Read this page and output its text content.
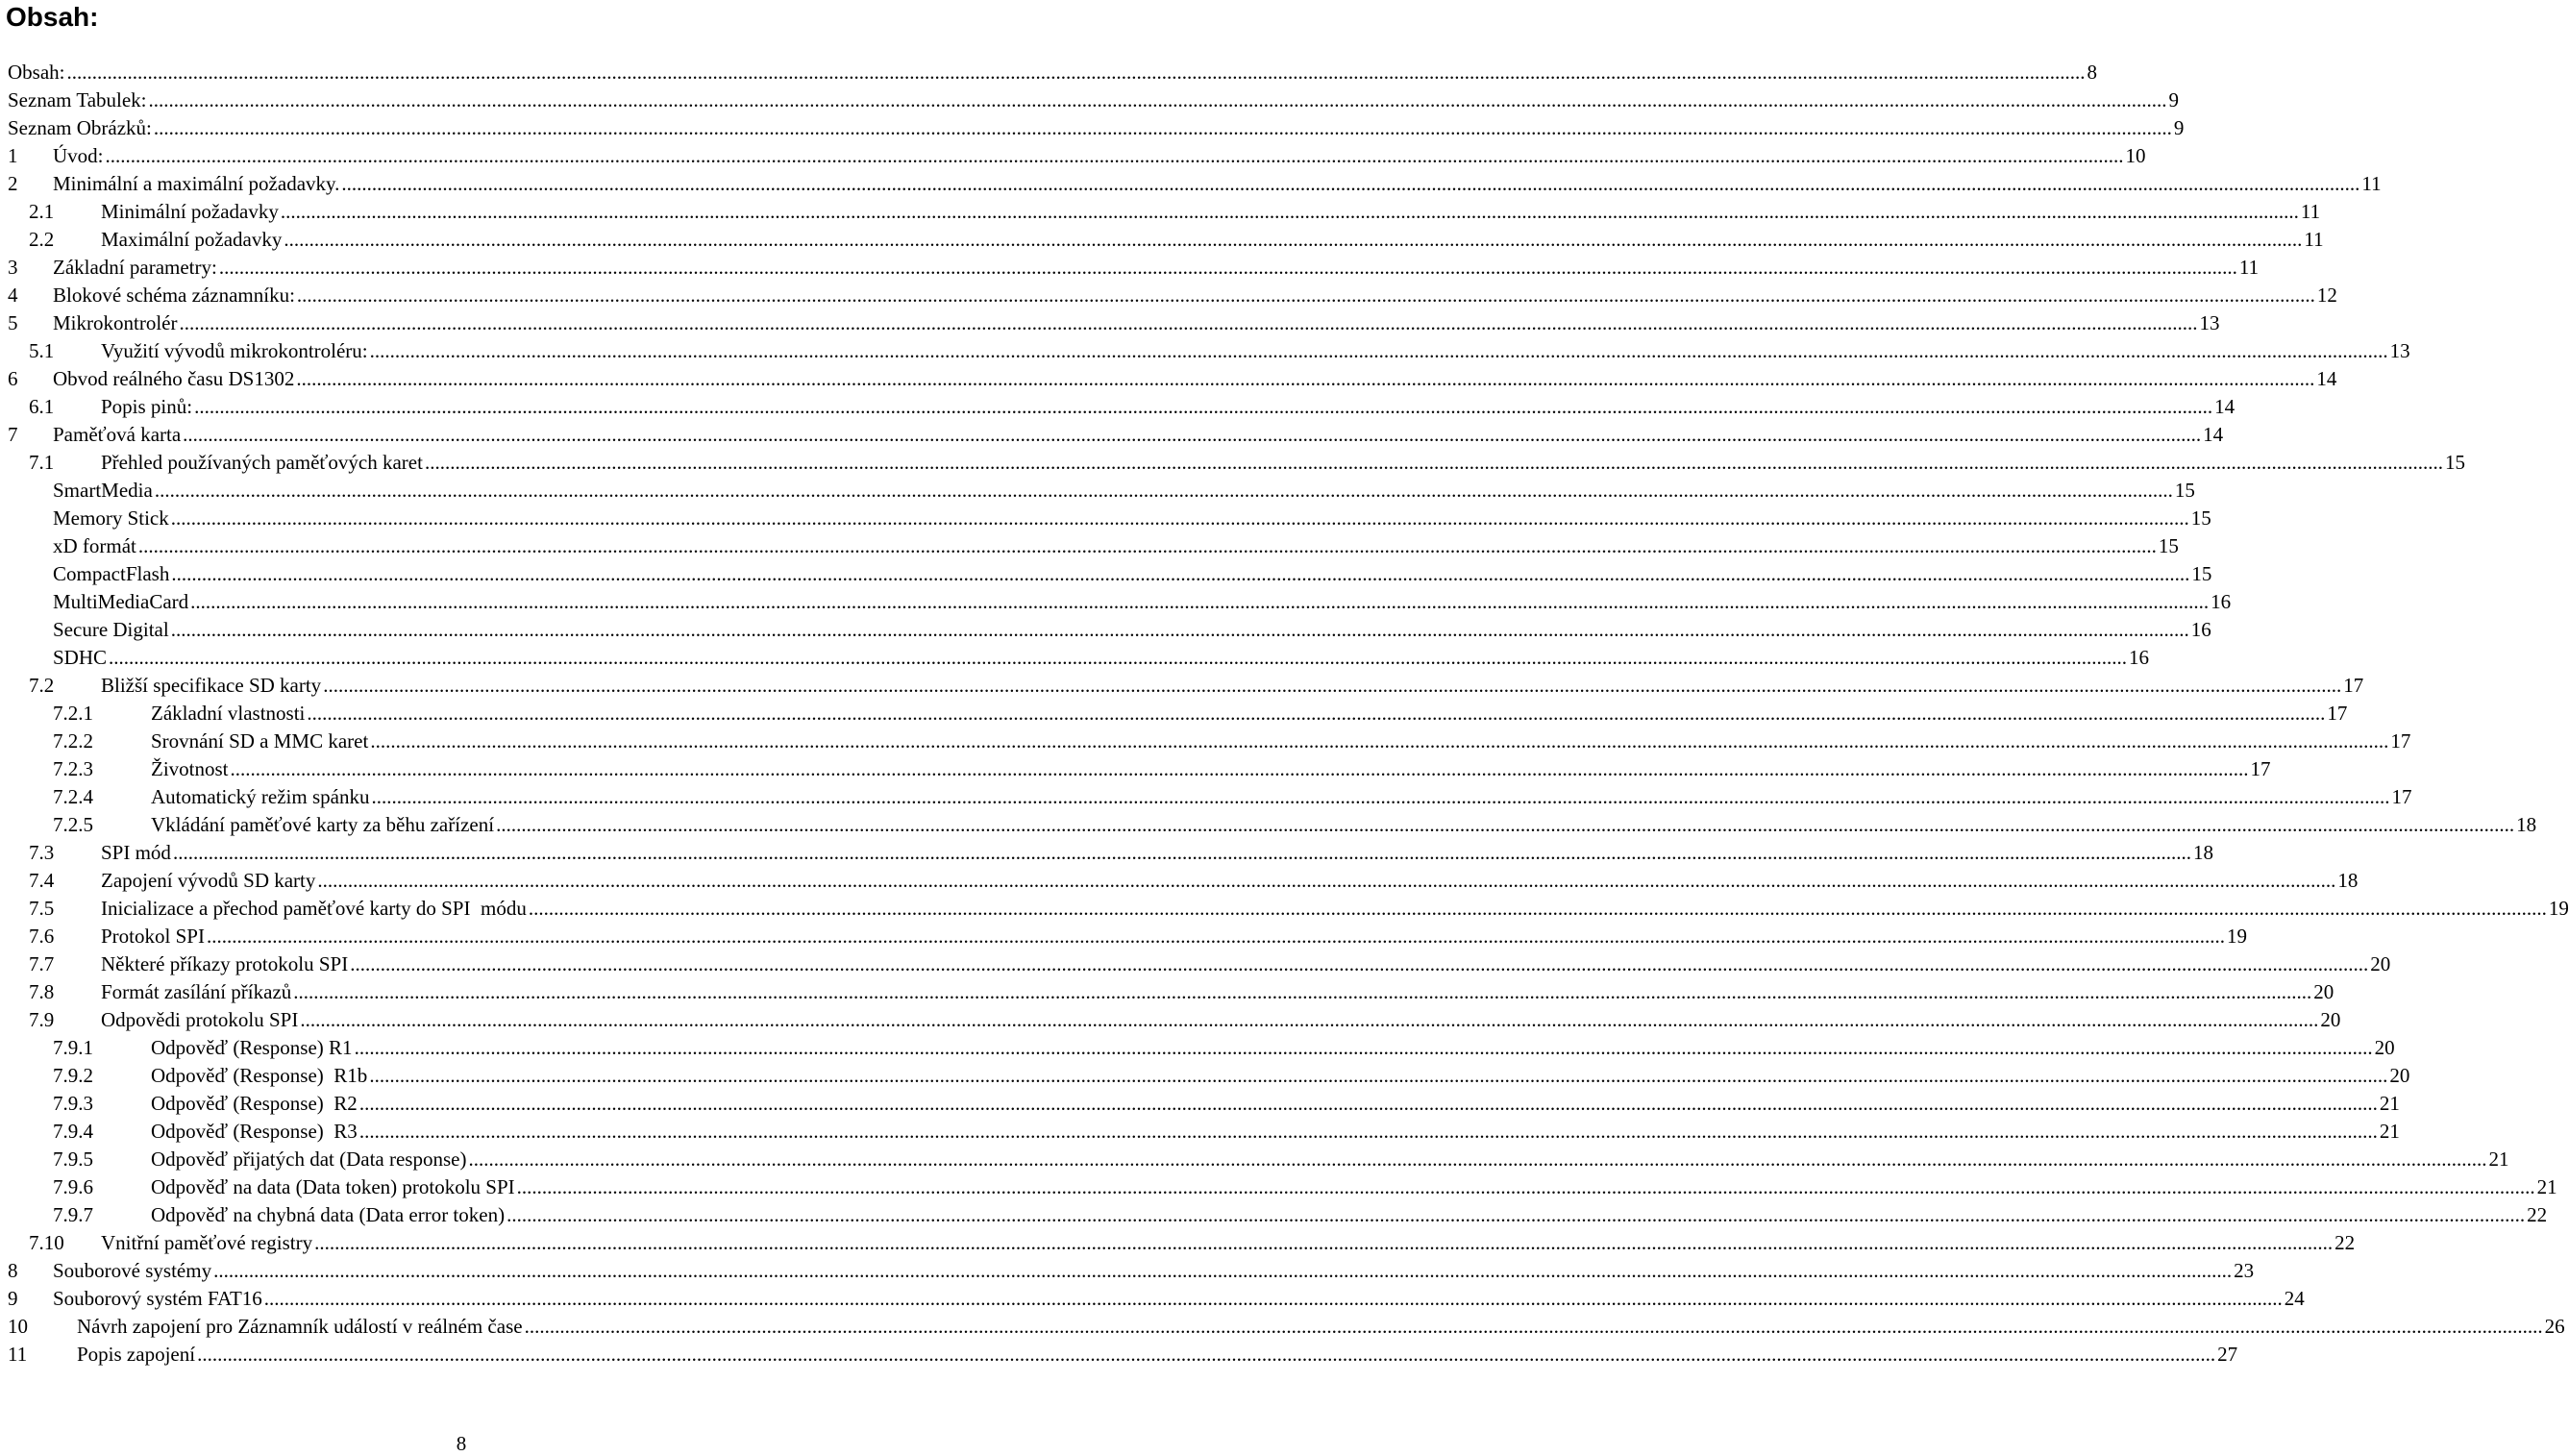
Obsah:
Obsah: ................................................................................................................................................................................................................................................................................................................................................................................................................ 8
Seznam Tabulek: ................................................................................................................................................................................................................................................................................................................................................................................................................ 9
Seznam Obrázků: ................................................................................................................................................................................................................................................................................................................................................................................................................ 9
1	Úvod: ................................................................................................................................................................................................................................................................................................................................................................................................................ 10
2	Minimální a maximální požadavky. ................................................................................................................................................................................................................................................................................................................................................................................................................ 11
2.1	Minimální požadavky ................................................................................................................................................................................................................................................................................................................................................................................................................ 11
2.2	Maximální požadavky ................................................................................................................................................................................................................................................................................................................................................................................................................ 11
3	Základní parametry: ................................................................................................................................................................................................................................................................................................................................................................................................................ 11
4	Blokové schéma záznamníku: ................................................................................................................................................................................................................................................................................................................................................................................................................ 12
5	Mikrokontrolér ................................................................................................................................................................................................................................................................................................................................................................................................................ 13
5.1	Využití vývodů mikrokontroléru: ................................................................................................................................................................................................................................................................................................................................................................................................................ 13
6	Obvod reálného času DS1302 ................................................................................................................................................................................................................................................................................................................................................................................................................ 14
6.1	Popis pinů: ................................................................................................................................................................................................................................................................................................................................................................................................................ 14
7	Paměťová karta ................................................................................................................................................................................................................................................................................................................................................................................................................ 14
7.1	Přehled používaných paměťových karet ................................................................................................................................................................................................................................................................................................................................................................................................................ 15
SmartMedia ................................................................................................................................................................................................................................................................................................................................................................................................................ 15
Memory Stick ................................................................................................................................................................................................................................................................................................................................................................................................................ 15
xD formát ................................................................................................................................................................................................................................................................................................................................................................................................................ 15
CompactFlash ................................................................................................................................................................................................................................................................................................................................................................................................................ 15
MultiMediaCard ................................................................................................................................................................................................................................................................................................................................................................................................................ 16
Secure Digital ................................................................................................................................................................................................................................................................................................................................................................................................................ 16
SDHC ................................................................................................................................................................................................................................................................................................................................................................................................................ 16
7.2	Bližší specifikace SD karty ................................................................................................................................................................................................................................................................................................................................................................................................................ 17
7.2.1	Základní vlastnosti ................................................................................................................................................................................................................................................................................................................................................................................................................ 17
7.2.2	Srovnání SD a MMC karet ................................................................................................................................................................................................................................................................................................................................................................................................................ 17
7.2.3	Životnost ................................................................................................................................................................................................................................................................................................................................................................................................................ 17
7.2.4	Automatický režim spánku ................................................................................................................................................................................................................................................................................................................................................................................................................ 17
7.2.5	Vkládání paměťové karty za běhu zařízení ................................................................................................................................................................................................................................................................................................................................................................................................................ 18
7.3	SPI mód ................................................................................................................................................................................................................................................................................................................................................................................................................ 18
7.4	Zapojení vývodů SD karty ................................................................................................................................................................................................................................................................................................................................................................................................................ 18
7.5	Inicializace a přechod paměťové karty do SPI  módu ................................................................................................................................................................................................................................................................................................................................................................................................................ 19
7.6	Protokol SPI ................................................................................................................................................................................................................................................................................................................................................................................................................ 19
7.7	Některé příkazy protokolu SPI ................................................................................................................................................................................................................................................................................................................................................................................................................ 20
7.8	Formát zasílání příkazů ................................................................................................................................................................................................................................................................................................................................................................................................................ 20
7.9	Odpovědi protokolu SPI ................................................................................................................................................................................................................................................................................................................................................................................................................ 20
7.9.1	Odpověď (Response) R1 ................................................................................................................................................................................................................................................................................................................................................................................................................ 20
7.9.2	Odpověď (Response)  R1b ................................................................................................................................................................................................................................................................................................................................................................................................................ 20
7.9.3	Odpověď (Response)  R2 ................................................................................................................................................................................................................................................................................................................................................................................................................ 21
7.9.4	Odpověď (Response)  R3 ................................................................................................................................................................................................................................................................................................................................................................................................................ 21
7.9.5	Odpověď přijatých dat (Data response) ................................................................................................................................................................................................................................................................................................................................................................................................................ 21
7.9.6	Odpověď na data (Data token) protokolu SPI ................................................................................................................................................................................................................................................................................................................................................................................................................ 21
7.9.7	Odpověď na chybná data (Data error token) ................................................................................................................................................................................................................................................................................................................................................................................................................ 22
7.10	Vnitřní paměťové registry ................................................................................................................................................................................................................................................................................................................................................................................................................ 22
8	Souborové systémy ................................................................................................................................................................................................................................................................................................................................................................................................................ 23
9	Souborový systém FAT16 ................................................................................................................................................................................................................................................................................................................................................................................................................ 24
10	Návrh zapojení pro Záznamník událostí v reálném čase ................................................................................................................................................................................................................................................................................................................................................................................................................ 26
11	Popis zapojení ................................................................................................................................................................................................................................................................................................................................................................................................................ 27
8
